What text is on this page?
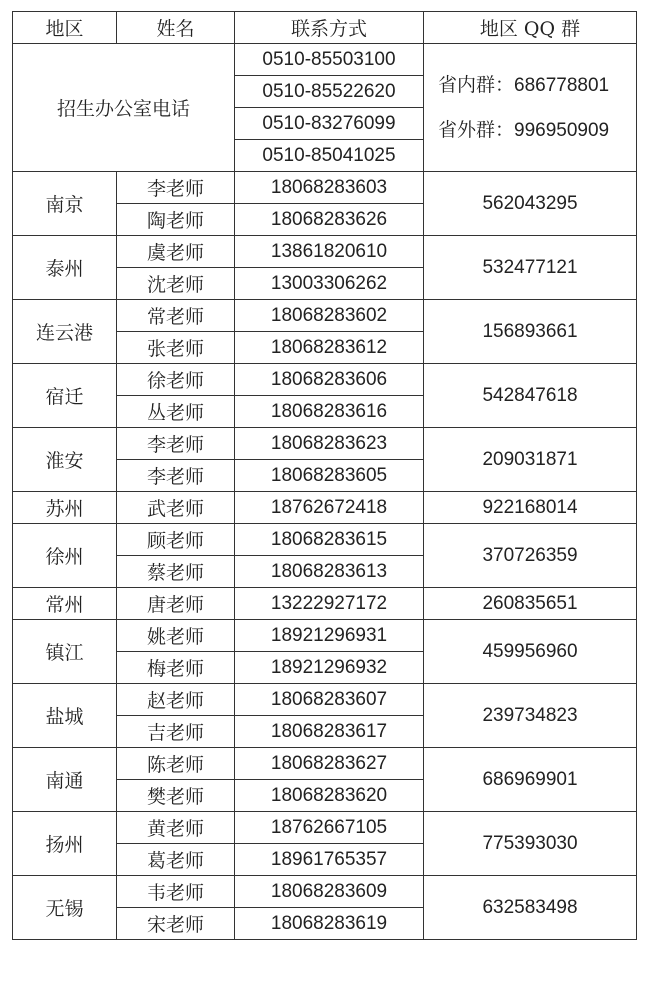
地区	姓名	联系方式	地区 QQ 群
招生办公室电话		0510-85503100	省内群：686778801
省外群：996950909

		0510-85522620	
		0510-83276099	
		0510-85041025	
南京	李老师	18068283603	562043295
	陶老师	18068283626	
泰州	虞老师	13861820610	532477121
	沈老师	13003306262	
连云港	常老师	18068283602	156893661
	张老师	18068283612	
宿迁	徐老师	18068283606	542847618
	丛老师	18068283616	
淮安	李老师	18068283623	209031871
	李老师	18068283605	
苏州	武老师	18762672418	922168014
徐州	顾老师	18068283615	370726359
	蔡老师	18068283613	
常州	唐老师	13222927172	260835651
镇江	姚老师	18921296931	459956960
	梅老师	18921296932	
盐城	赵老师	18068283607	239734823
	吉老师	18068283617	
南通	陈老师	18068283627	686969901
	樊老师	18068283620	
扬州	黄老师	18762667105	775393030
	葛老师	18961765357	
无锡	韦老师	18068283609	632583498
	宋老师	18068283619	
